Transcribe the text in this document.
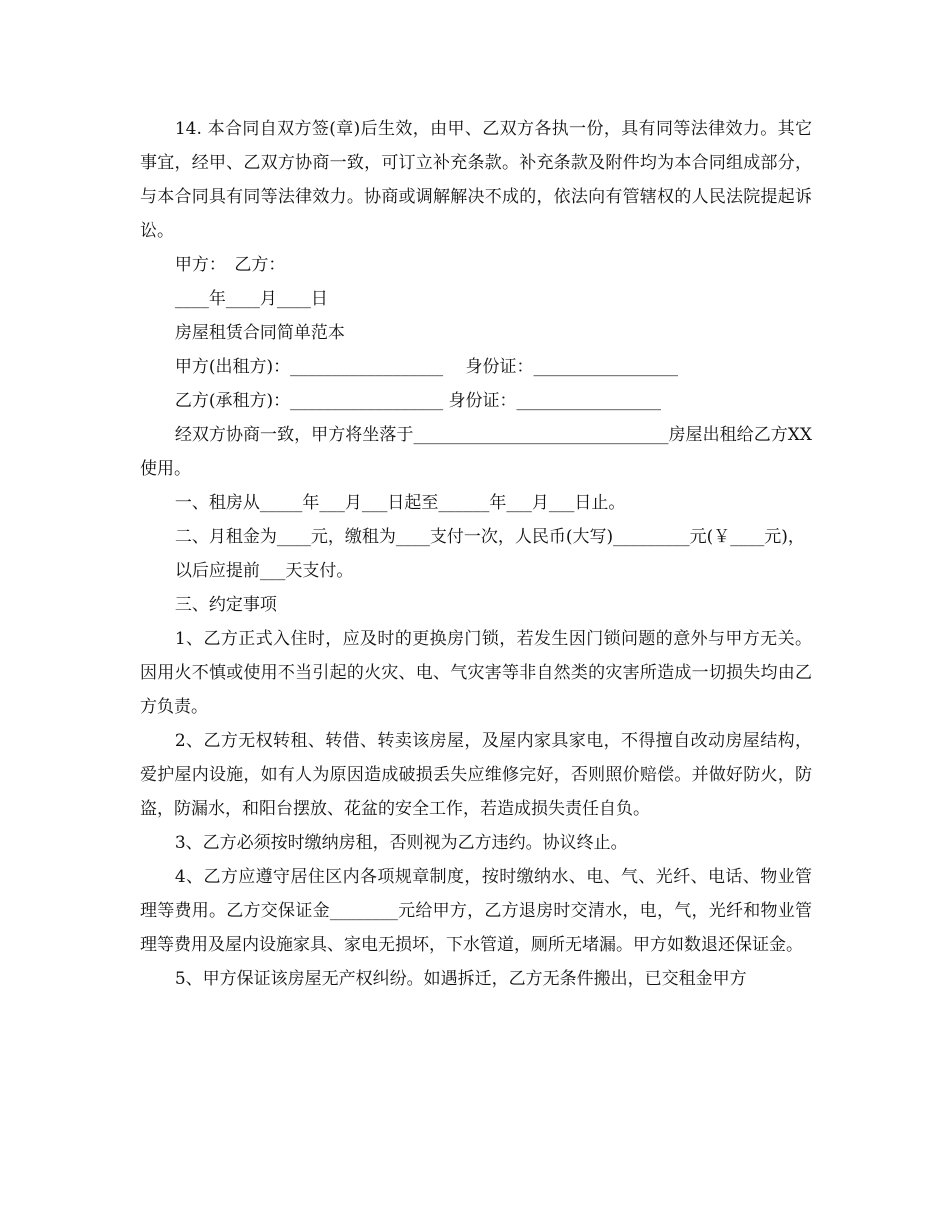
14. 本合同自双方签(章)后生效，由甲、乙双方各执一份，具有同等法律效力。其它事宜，经甲、乙双方协商一致，可订立补充条款。补充条款及附件均为本合同组成部分，与本合同具有同等法律效力。协商或调解解决不成的，依法向有管辖权的人民法院提起诉讼。

甲方：　乙方：

____年____月____日

房屋租赁合同简单范本

甲方(出租方)：__________________　 身份证：_________________

乙方(承租方)：__________________ 身份证：_________________

经双方协商一致，甲方将坐落于______________________________房屋出租给乙方XX使用。

一、租房从_____年___月___日起至______年___月___日止。

二、月租金为____元，缴租为____支付一次，人民币(大写)_________元(￥____元)，

以后应提前___天支付。

三、约定事项

1、乙方正式入住时，应及时的更换房门锁，若发生因门锁问题的意外与甲方无关。因用火不慎或使用不当引起的火灾、电、气灾害等非自然类的灾害所造成一切损失均由乙方负责。

2、乙方无权转租、转借、转卖该房屋，及屋内家具家电，不得擅自改动房屋结构，爱护屋内设施，如有人为原因造成破损丢失应维修完好，否则照价赔偿。并做好防火，防盗，防漏水，和阳台摆放、花盆的安全工作，若造成损失责任自负。

3、乙方必须按时缴纳房租，否则视为乙方违约。协议终止。

4、乙方应遵守居住区内各项规章制度，按时缴纳水、电、气、光纤、电话、物业管理等费用。乙方交保证金________元给甲方，乙方退房时交清水，电，气，光纤和物业管理等费用及屋内设施家具、家电无损坏，下水管道，厕所无堵漏。甲方如数退还保证金。

5、甲方保证该房屋无产权纠纷。如遇拆迁，乙方无条件搬出，已交租金甲方
